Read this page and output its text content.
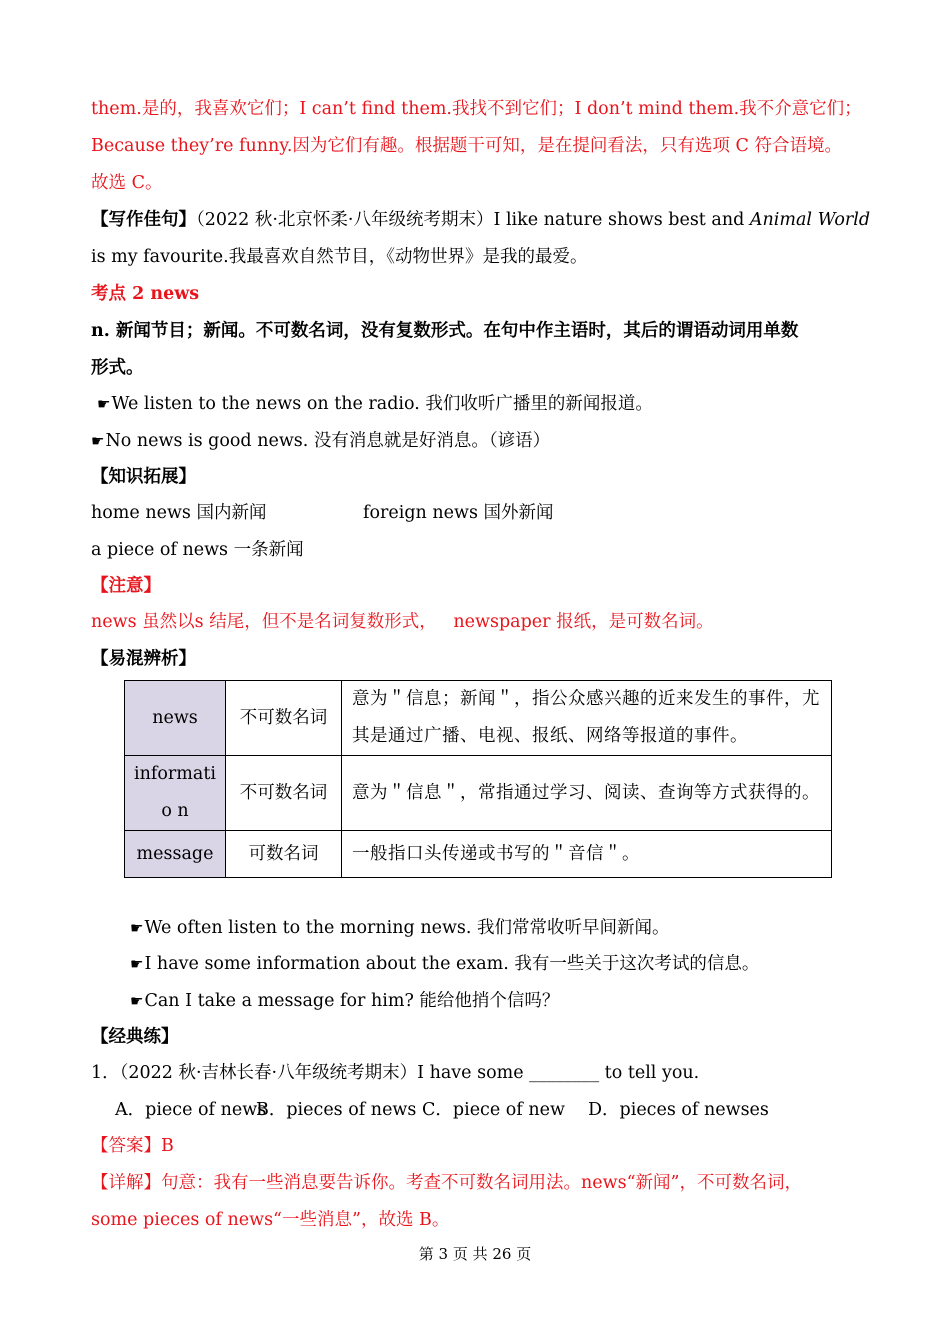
them.是的，我喜欢它们；I can’t find them.我找不到它们；I don’t mind them.我不介意它们；
Because they’re funny.因为它们有趣。根据题干可知，是在提问看法，只有选项 C 符合语境。
故选 C。
【写作佳句】（2022 秋·北京怀柔·八年级统考期末）I like nature shows best and Animal World
is my favourite.我最喜欢自然节目，《动物世界》是我的最爱。
考点 2 news
n. 新闻节目；新闻。不可数名词，没有复数形式。在句中作主语时，其后的谓语动词用单数
形式。
☛We listen to the news on the radio. 我们收听广播里的新闻报道。
☛No news is good news. 没有消息就是好消息。（谚语）
【知识拓展】
home news 国内新闻	foreign news 国外新闻
a piece of news 一条新闻
【注意】
news 虽然以s 结尾，但不是名词复数形式，   newspaper 报纸，是可数名词。
【易混辨析】
news	不可数名词	意为＂信息；新闻＂，指公众感兴趣的近来发生的事件，尤其是通过广播、电视、报纸、网络等报道的事件。
informatio n	不可数名词	意为＂信息＂，常指通过学习、阅读、查询等方式获得的。
message	可数名词	一般指口头传递或书写的＂音信＂。
☛We often listen to the morning news. 我们常常收听早间新闻。
☛I have some information about the exam. 我有一些关于这次考试的信息。
☛Can I take a message for him? 能给他捎个信吗？
【经典练】
1．（2022 秋·吉林长春·八年级统考期末）I have some ________ to tell you.
A．piece of news
B．pieces of news C．piece of new D．pieces of newses
【答案】B
【详解】句意：我有一些消息要告诉你。考查不可数名词用法。news“新闻”，不可数名词，
some pieces of news“一些消息”，故选 B。
第 3 页 共 26 页
